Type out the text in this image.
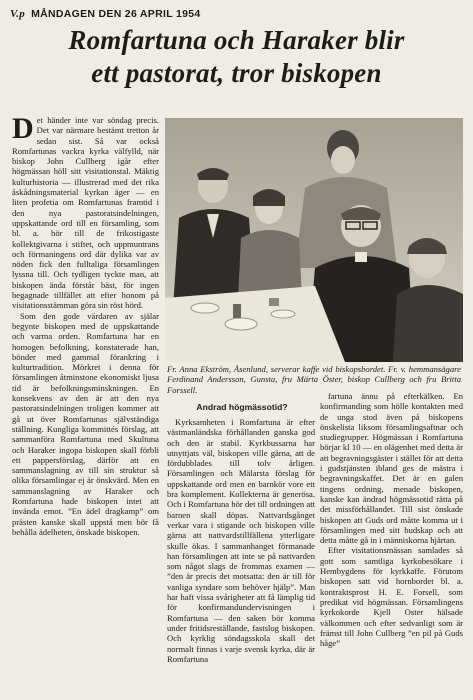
V.p MÅNDAGEN DEN 26 APRIL 1954
Romfartuna och Haraker blir
ett pastorat, tror biskopen
D et händer inte var söndag precis. Det var närmare bestämt tretton år sedan sist. Så var också Romfartunas vackra kyrka välfylld, när biskop John Cullberg igår efter högmässan höll sitt visitationstal. Mäktig kulturhistoria — illustrerad med det rika åskådningsmaterial kyrkan äger — en liten profetia om Romfartunas framtid i den nya pastoratsindelningen, uppskattande ord till en församling, som bl. a. hör till de frikostigaste kollektgivarna i stiftet, och uppmuntrans och förmaningens ord där dylika var av nöden fick den fulltaliga församlingen lyssna till. Och tydligen tyckte man, att biskopen ända förstår bäst, för ingen begagnade tillfället att efter honom på visitationsstämman göra sin röst hörd.

Som den gode värdaren av själar begynte biskopen med de uppskattande och varma orden. Romfartuna har en homogen befolkning, konstaterade han, bönder med gammal förankring i kulturtradition. Mörkret i denna för församlingen åtminstone ekonomiskt ljusa tid är befolkningsminskningen. En konsekvens av den är att den nya pastoratsindelningen troligen kommer att gå ut över Romfartunas självständiga ställning. Kungliga kommittés förslag, att sammanföra Romfartuna med Skultuna och Haraker ingopa biskopen skall förbli ett pappersförslag, därför att en sammanslagning av till sin struktur så olika församlingar ej är önskvärd. Men en sammanslagning av Haraker och Romfartuna hade biskopen intet att invända emot. ”En ädel dragkamp” om prästen kanske skall uppstå men bör få behålla ädelheten, önskade biskopen.

Fr. Anna Ekström, Åsenlund, serverar kaffe vid biskopsbordet. Fr. v. hemmansägare Ferdinand Andersson, Gunsta, fru Märta Öster, biskop Cullberg och fru Britta Forssell.
Andrad högmässotid?

Kyrksamheten i Romfartuna är efter västmanländska förhållanden ganska god och den är stabil. Kyrkbussarna har utnyttjats väl, biskopen ville gärna, att de fördubblades till tolv årligen. Församlingen och Mälarsta förslag för uppskattande ord men en barnkör vore ett bra komplement. Kollekterna är generösa. Och i Romfartuna hör det till ordningen att barnen skall döpas. Nattvardsgånget verkar vara i stigande och biskopen ville gärna att nattvardstillfällena ytterligare skulle ökas. I sammanhanget förmanade han församlingen att inte se på nattvarden som något slags de frommas examen — ”den är precis det motsatta: den är till för vanliga syndare som behöver hjälp”. Man har haft vissa svårigheter att få lämplig tid för konfirmandundervisningen i Romfartuna — den saken bör komma under fritidsreställande, fastslog biskopen. Och kyrklig söndagsskola skall det normalt finnas i varje svensk kyrka, där är Romfartuna

fartuna ännu på efterkälken. En konfirmanding som hölle kontakten med de unga stod även på biskopens önskelista liksom församlingsaftnar och studiegrupper. Högmässan i Romfartuna börjar kl 10 — en olägenhet med detta är att begravningsgäster i stället för att detta i gudstjänsten ibland ges de mästra i begravningskaffet. Det är en galen tingens ordning, menade biskopen, kanske kan ändrad högmässotid rätta på det missförhållandet. Till sist önskade biskopen att Guds ord måtte komma ut i församlingen med sitt budskap och att detta måtte gå in i människorna hjärtan.

Efter visitationsmässan samlades så gott som samtliga kyrkobesökare i Hembygdens för kyrkkaffe. Förutom biskopen satt vid hornbordet bl. a. kontraktsprost H. E. Forsell, som predikat vid högmässan. Församlingens kyrkokorde Kjell Oster hälsade välkommen och efter sedvanligt som är främst till John Cullberg ”en pil på Guds håge”
